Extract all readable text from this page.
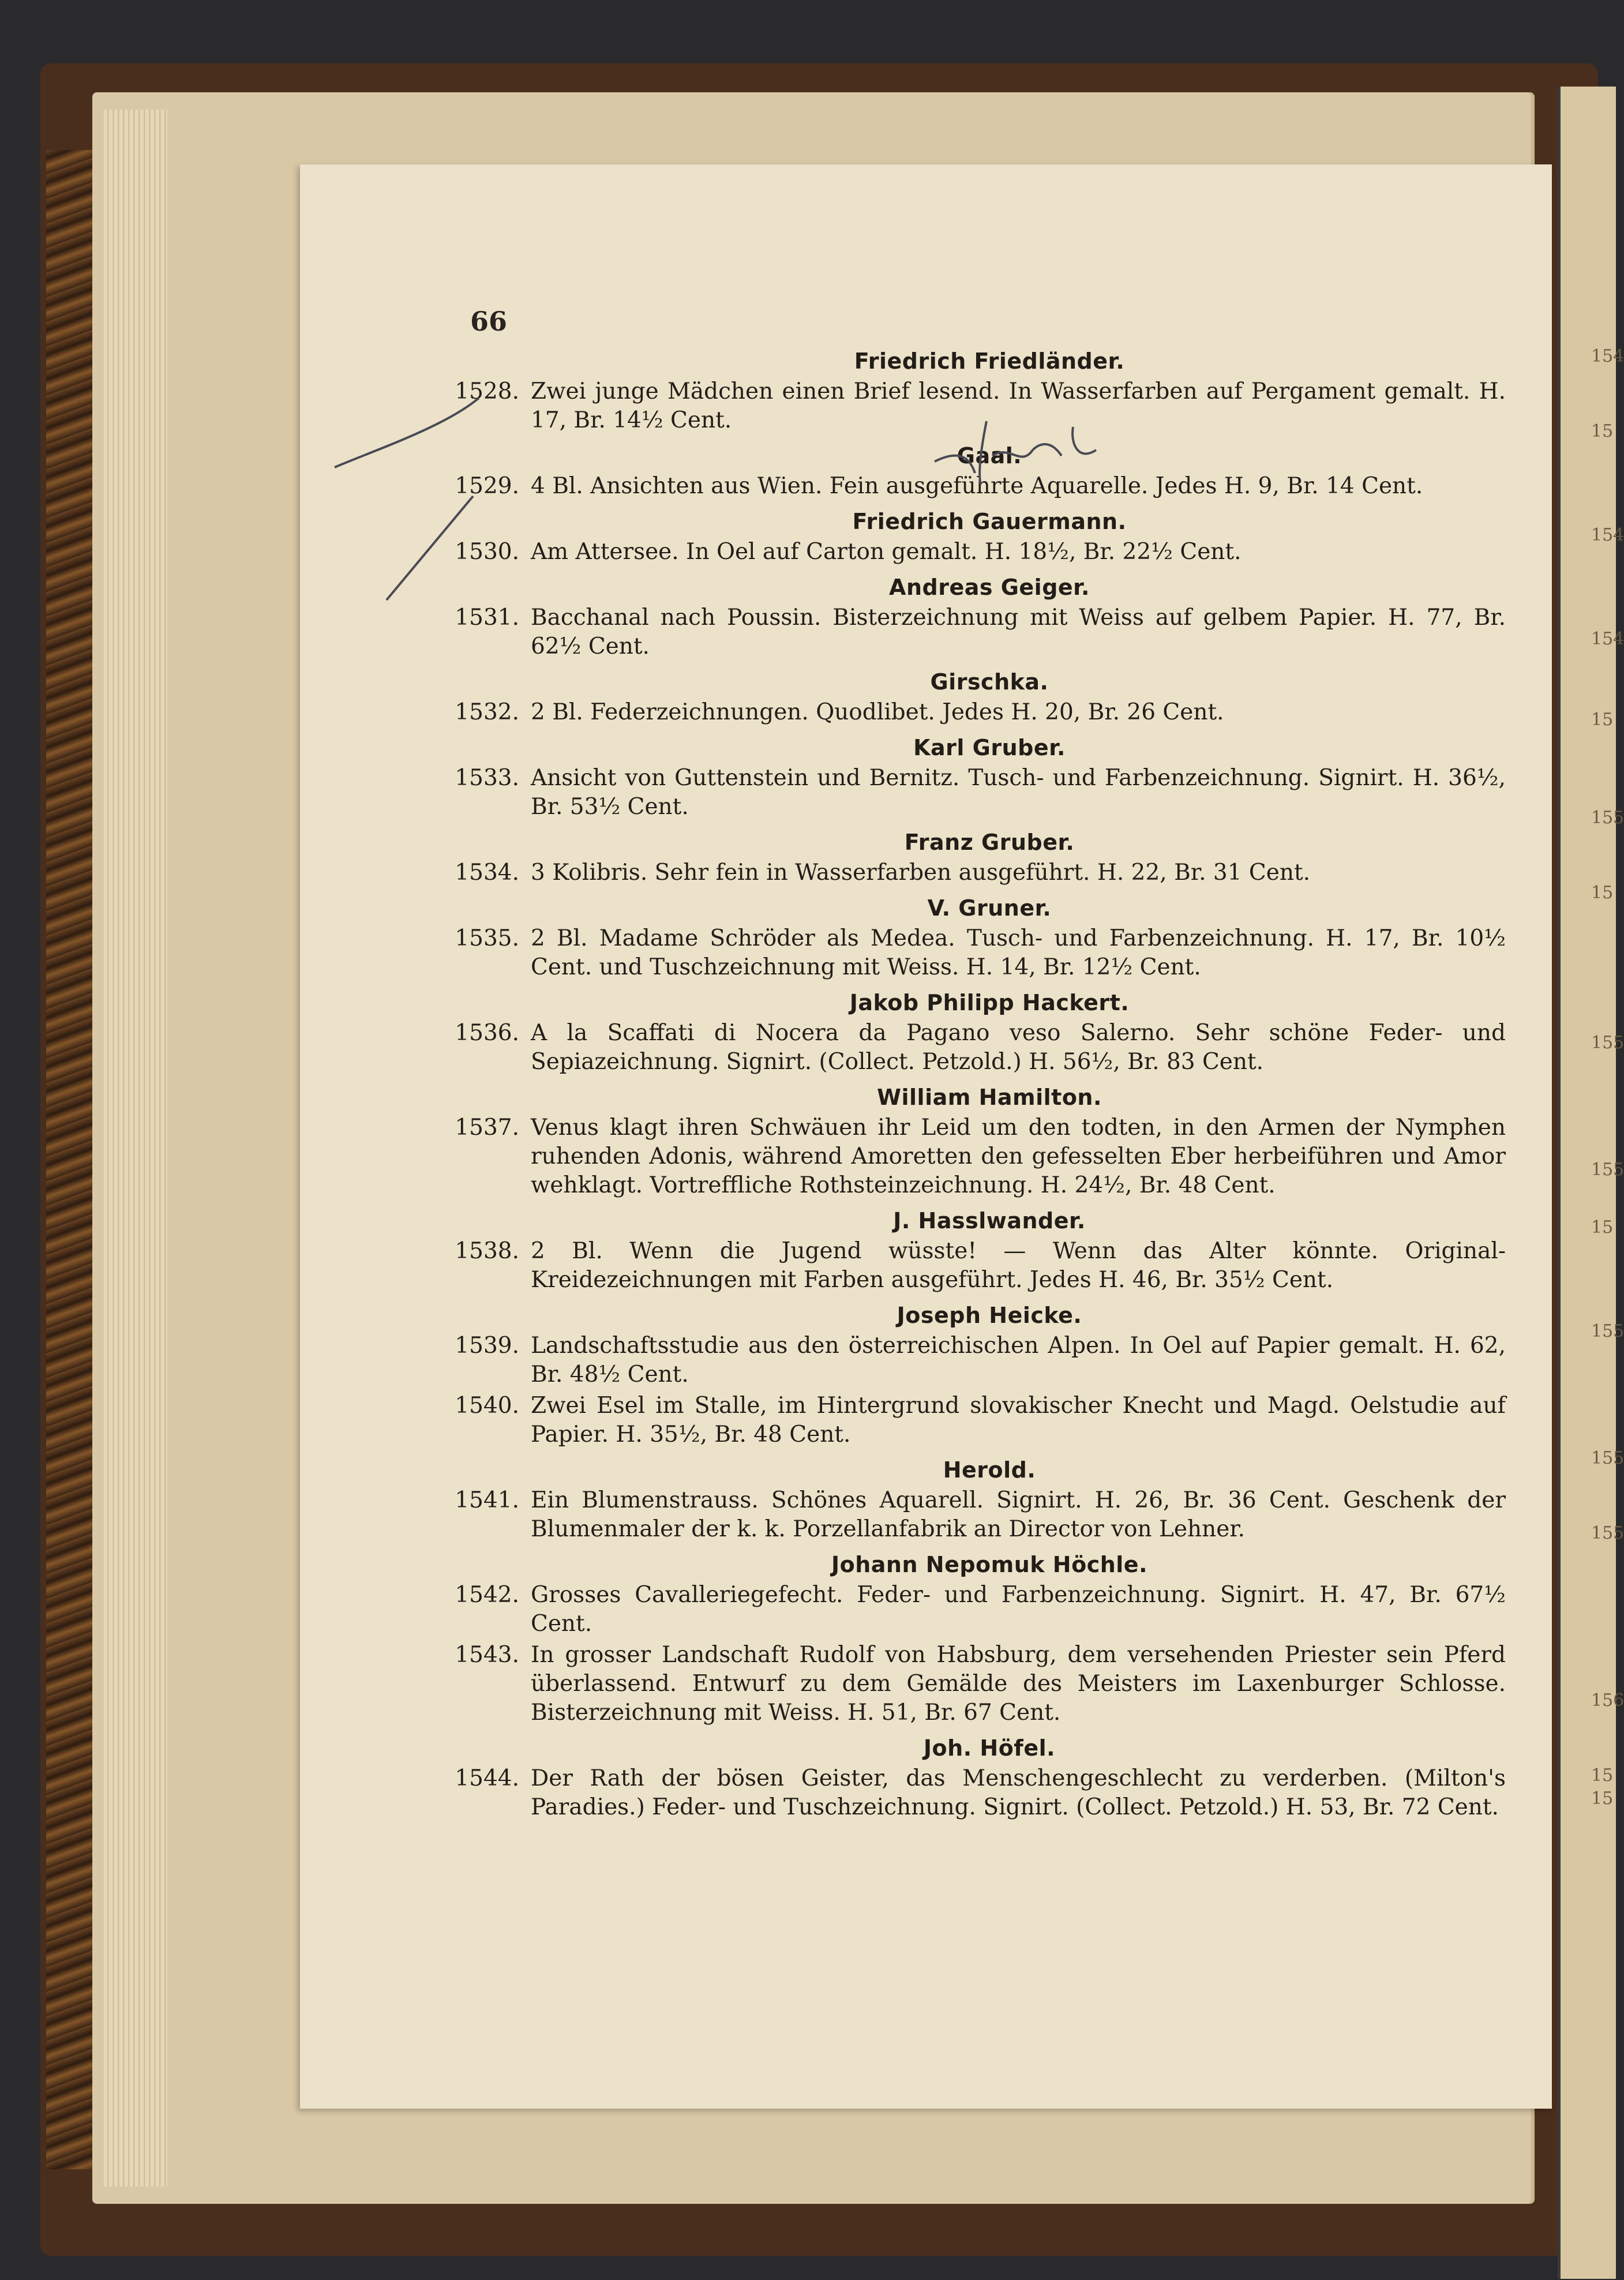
154
15
154
154
15
155
15
155
155
15
155
155
155
156
15
15
66
Friedrich Friedländer.
1528. Zwei junge Mädchen einen Brief lesend. In Wasserfarben auf Pergament gemalt. H. 17, Br. 14½ Cent.
Gaal.
1529. 4 Bl. Ansichten aus Wien. Fein ausgeführte Aquarelle. Jedes H. 9, Br. 14 Cent.
Friedrich Gauermann.
1530. Am Attersee. In Oel auf Carton gemalt. H. 18½, Br. 22½ Cent.
Andreas Geiger.
1531. Bacchanal nach Poussin. Bisterzeichnung mit Weiss auf gelbem Papier. H. 77, Br. 62½ Cent.
Girschka.
1532. 2 Bl. Federzeichnungen. Quodlibet. Jedes H. 20, Br. 26 Cent.
Karl Gruber.
1533. Ansicht von Guttenstein und Bernitz. Tusch- und Farbenzeichnung. Signirt. H. 36½, Br. 53½ Cent.
Franz Gruber.
1534. 3 Kolibris. Sehr fein in Wasserfarben ausgeführt. H. 22, Br. 31 Cent.
V. Gruner.
1535. 2 Bl. Madame Schröder als Medea. Tusch- und Farbenzeichnung. H. 17, Br. 10½ Cent. und Tuschzeichnung mit Weiss. H. 14, Br. 12½ Cent.
Jakob Philipp Hackert.
1536. A la Scaffati di Nocera da Pagano veso Salerno. Sehr schöne Feder- und Sepiazeichnung. Signirt. (Collect. Petzold.) H. 56½, Br. 83 Cent.
William Hamilton.
1537. Venus klagt ihren Schwäuen ihr Leid um den todten, in den Armen der Nymphen ruhenden Adonis, während Amoretten den gefesselten Eber herbeiführen und Amor wehklagt. Vortreffliche Rothsteinzeichnung. H. 24½, Br. 48 Cent.
J. Hasslwander.
1538. 2 Bl. Wenn die Jugend wüsste! — Wenn das Alter könnte. Original-Kreidezeichnungen mit Farben ausgeführt. Jedes H. 46, Br. 35½ Cent.
Joseph Heicke.
1539. Landschaftsstudie aus den österreichischen Alpen. In Oel auf Papier gemalt. H. 62, Br. 48½ Cent.
1540. Zwei Esel im Stalle, im Hintergrund slovakischer Knecht und Magd. Oelstudie auf Papier. H. 35½, Br. 48 Cent.
Herold.
1541. Ein Blumenstrauss. Schönes Aquarell. Signirt. H. 26, Br. 36 Cent. Geschenk der Blumenmaler der k. k. Porzellanfabrik an Director von Lehner.
Johann Nepomuk Höchle.
1542. Grosses Cavalleriegefecht. Feder- und Farbenzeichnung. Signirt. H. 47, Br. 67½ Cent.
1543. In grosser Landschaft Rudolf von Habsburg, dem versehenden Priester sein Pferd überlassend. Entwurf zu dem Gemälde des Meisters im Laxenburger Schlosse. Bisterzeichnung mit Weiss. H. 51, Br. 67 Cent.
Joh. Höfel.
1544. Der Rath der bösen Geister, das Menschengeschlecht zu verderben. (Milton's Paradies.) Feder- und Tuschzeichnung. Signirt. (Collect. Petzold.) H. 53, Br. 72 Cent.
